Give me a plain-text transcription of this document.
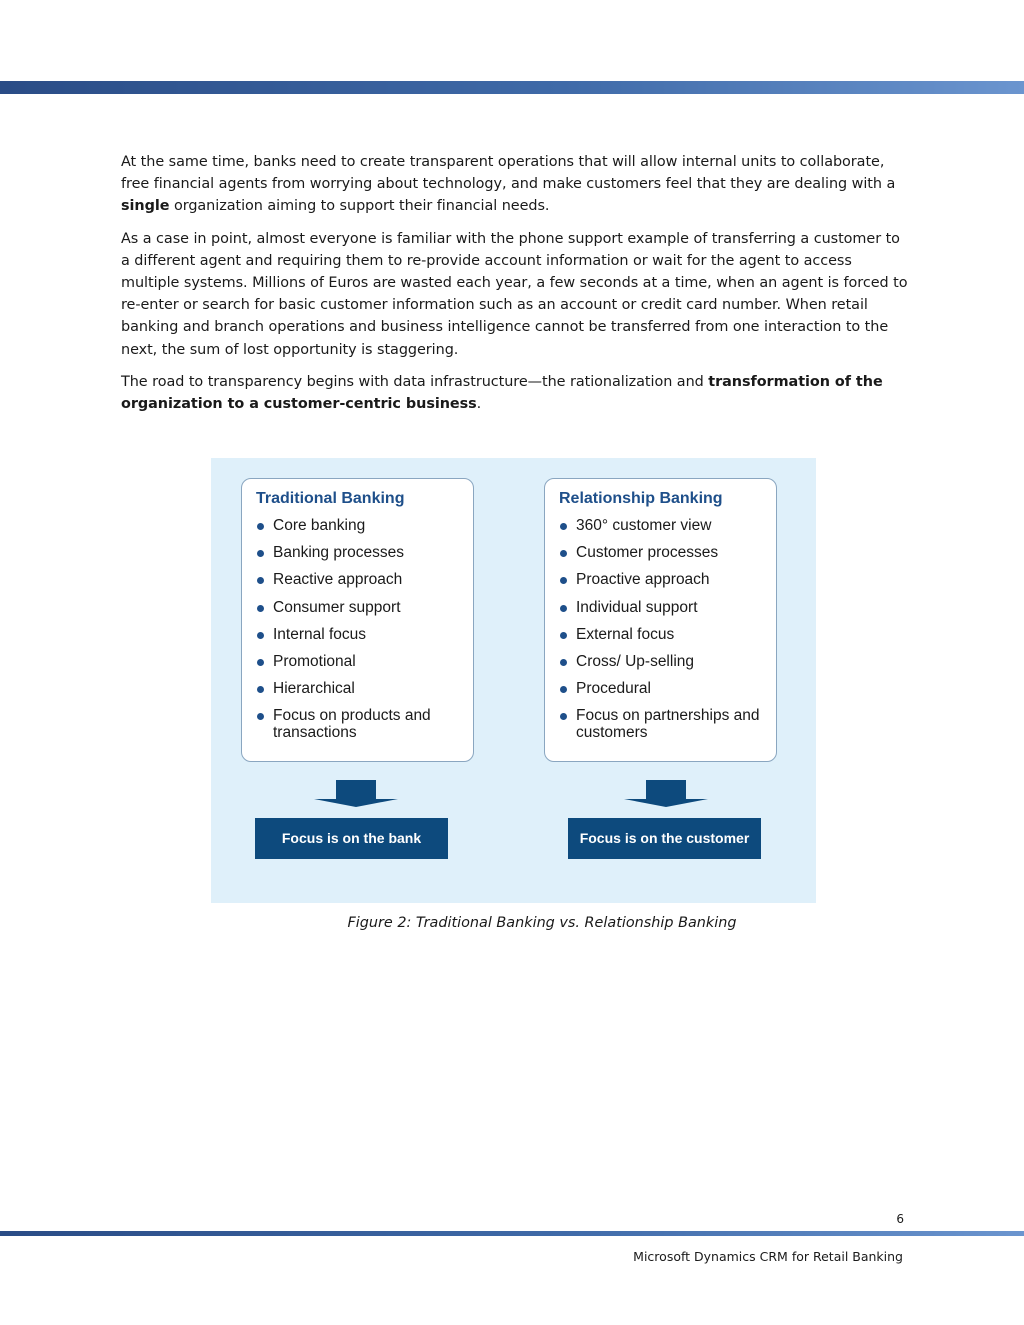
At the same time, banks need to create transparent operations that will allow internal units to collaborate, free financial agents from worrying about technology, and make customers feel that they are dealing with a single organization aiming to support their financial needs.

As a case in point, almost everyone is familiar with the phone support example of transferring a customer to a different agent and requiring them to re-provide account information or wait for the agent to access multiple systems. Millions of Euros are wasted each year, a few seconds at a time, when an agent is forced to re-enter or search for basic customer information such as an account or credit card number. When retail banking and branch operations and business intelligence cannot be transferred from one interaction to the next, the sum of lost opportunity is staggering.

The road to transparency begins with data infrastructure—the rationalization and transformation of the organization to a customer-centric business.

Traditional Banking
Core banking
Banking processes
Reactive approach
Consumer support
Internal focus
Promotional
Hierarchical
Focus on products and transactions
Relationship Banking
360° customer view
Customer processes
Proactive approach
Individual support
External focus
Cross/ Up-selling
Procedural
Focus on partnerships and customers
Focus is on the bank	Focus is on the customer
Figure 2: Traditional Banking vs. Relationship Banking
6
Microsoft Dynamics CRM for Retail Banking
